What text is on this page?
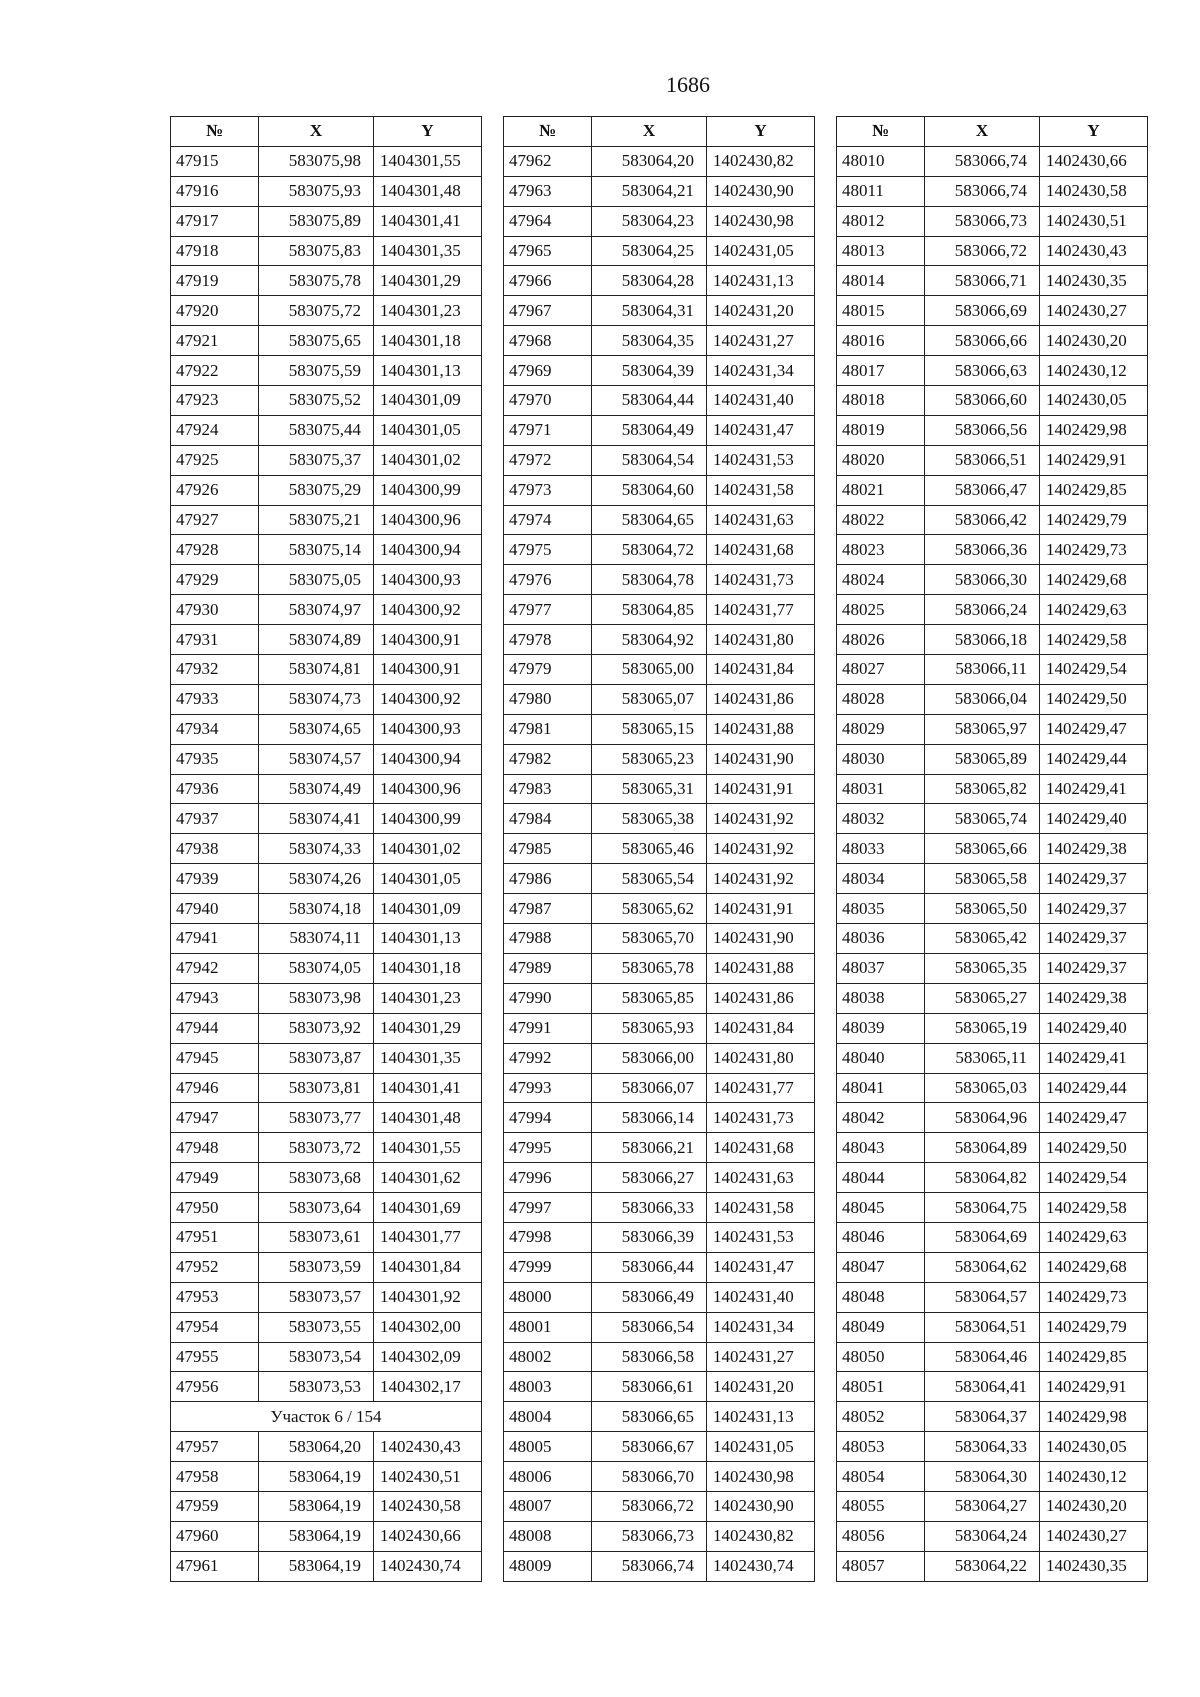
1686
№	X	Y
47915	583075,98	1404301,55
47916	583075,93	1404301,48
47917	583075,89	1404301,41
47918	583075,83	1404301,35
47919	583075,78	1404301,29
47920	583075,72	1404301,23
47921	583075,65	1404301,18
47922	583075,59	1404301,13
47923	583075,52	1404301,09
47924	583075,44	1404301,05
47925	583075,37	1404301,02
47926	583075,29	1404300,99
47927	583075,21	1404300,96
47928	583075,14	1404300,94
47929	583075,05	1404300,93
47930	583074,97	1404300,92
47931	583074,89	1404300,91
47932	583074,81	1404300,91
47933	583074,73	1404300,92
47934	583074,65	1404300,93
47935	583074,57	1404300,94
47936	583074,49	1404300,96
47937	583074,41	1404300,99
47938	583074,33	1404301,02
47939	583074,26	1404301,05
47940	583074,18	1404301,09
47941	583074,11	1404301,13
47942	583074,05	1404301,18
47943	583073,98	1404301,23
47944	583073,92	1404301,29
47945	583073,87	1404301,35
47946	583073,81	1404301,41
47947	583073,77	1404301,48
47948	583073,72	1404301,55
47949	583073,68	1404301,62
47950	583073,64	1404301,69
47951	583073,61	1404301,77
47952	583073,59	1404301,84
47953	583073,57	1404301,92
47954	583073,55	1404302,00
47955	583073,54	1404302,09
47956	583073,53	1404302,17
Участок 6 / 154		
47957	583064,20	1402430,43
47958	583064,19	1402430,51
47959	583064,19	1402430,58
47960	583064,19	1402430,66
47961	583064,19	1402430,74
№	X	Y
47962	583064,20	1402430,82
47963	583064,21	1402430,90
47964	583064,23	1402430,98
47965	583064,25	1402431,05
47966	583064,28	1402431,13
47967	583064,31	1402431,20
47968	583064,35	1402431,27
47969	583064,39	1402431,34
47970	583064,44	1402431,40
47971	583064,49	1402431,47
47972	583064,54	1402431,53
47973	583064,60	1402431,58
47974	583064,65	1402431,63
47975	583064,72	1402431,68
47976	583064,78	1402431,73
47977	583064,85	1402431,77
47978	583064,92	1402431,80
47979	583065,00	1402431,84
47980	583065,07	1402431,86
47981	583065,15	1402431,88
47982	583065,23	1402431,90
47983	583065,31	1402431,91
47984	583065,38	1402431,92
47985	583065,46	1402431,92
47986	583065,54	1402431,92
47987	583065,62	1402431,91
47988	583065,70	1402431,90
47989	583065,78	1402431,88
47990	583065,85	1402431,86
47991	583065,93	1402431,84
47992	583066,00	1402431,80
47993	583066,07	1402431,77
47994	583066,14	1402431,73
47995	583066,21	1402431,68
47996	583066,27	1402431,63
47997	583066,33	1402431,58
47998	583066,39	1402431,53
47999	583066,44	1402431,47
48000	583066,49	1402431,40
48001	583066,54	1402431,34
48002	583066,58	1402431,27
48003	583066,61	1402431,20
48004	583066,65	1402431,13
48005	583066,67	1402431,05
48006	583066,70	1402430,98
48007	583066,72	1402430,90
48008	583066,73	1402430,82
48009	583066,74	1402430,74
№	X	Y
48010	583066,74	1402430,66
48011	583066,74	1402430,58
48012	583066,73	1402430,51
48013	583066,72	1402430,43
48014	583066,71	1402430,35
48015	583066,69	1402430,27
48016	583066,66	1402430,20
48017	583066,63	1402430,12
48018	583066,60	1402430,05
48019	583066,56	1402429,98
48020	583066,51	1402429,91
48021	583066,47	1402429,85
48022	583066,42	1402429,79
48023	583066,36	1402429,73
48024	583066,30	1402429,68
48025	583066,24	1402429,63
48026	583066,18	1402429,58
48027	583066,11	1402429,54
48028	583066,04	1402429,50
48029	583065,97	1402429,47
48030	583065,89	1402429,44
48031	583065,82	1402429,41
48032	583065,74	1402429,40
48033	583065,66	1402429,38
48034	583065,58	1402429,37
48035	583065,50	1402429,37
48036	583065,42	1402429,37
48037	583065,35	1402429,37
48038	583065,27	1402429,38
48039	583065,19	1402429,40
48040	583065,11	1402429,41
48041	583065,03	1402429,44
48042	583064,96	1402429,47
48043	583064,89	1402429,50
48044	583064,82	1402429,54
48045	583064,75	1402429,58
48046	583064,69	1402429,63
48047	583064,62	1402429,68
48048	583064,57	1402429,73
48049	583064,51	1402429,79
48050	583064,46	1402429,85
48051	583064,41	1402429,91
48052	583064,37	1402429,98
48053	583064,33	1402430,05
48054	583064,30	1402430,12
48055	583064,27	1402430,20
48056	583064,24	1402430,27
48057	583064,22	1402430,35
